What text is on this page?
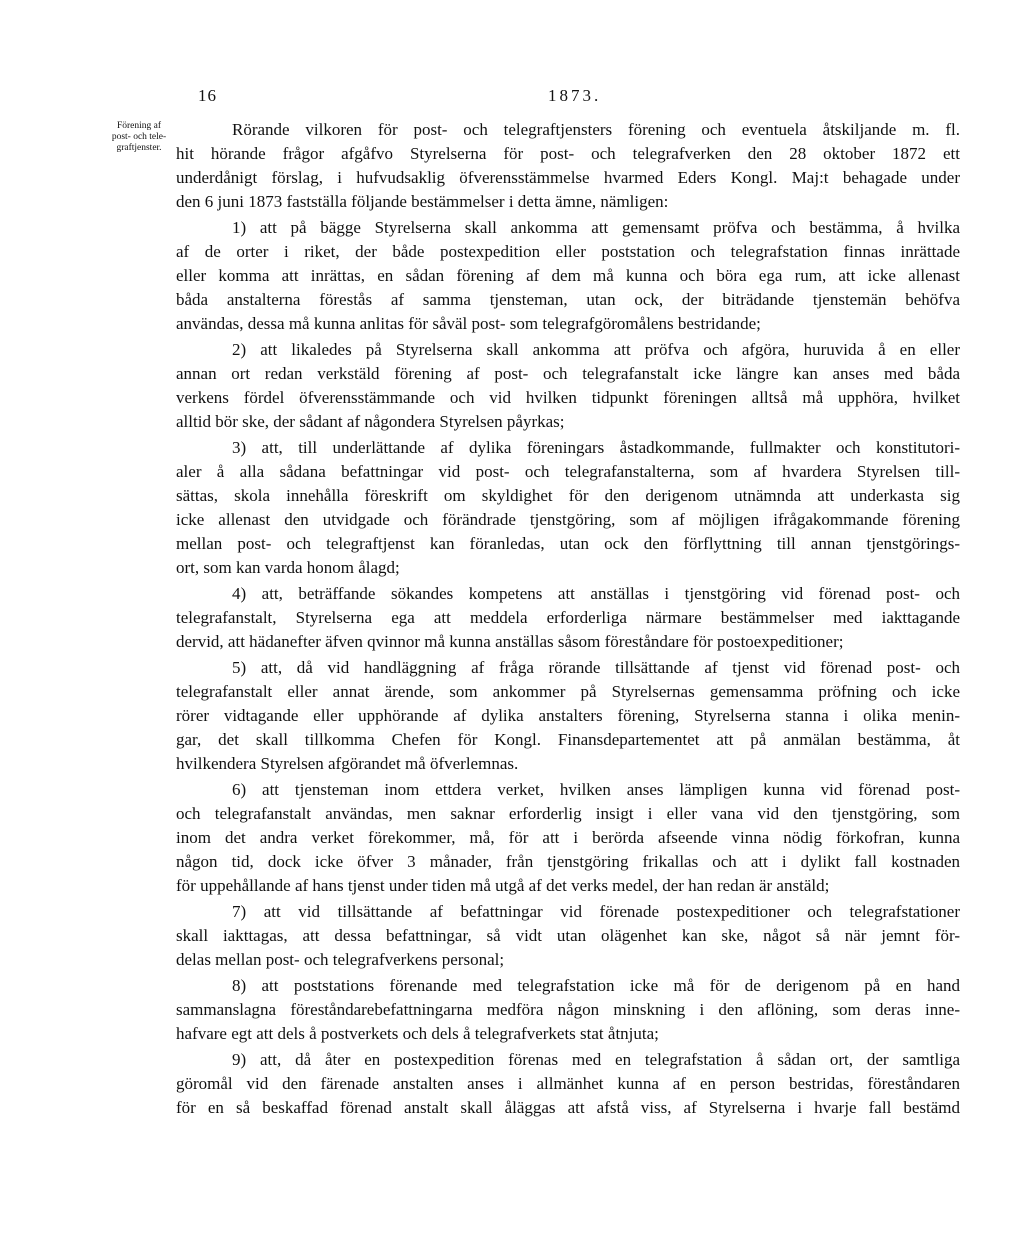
16	1873.
Förening af
post- och tele-
graftjenster.
Rörande vilkoren för post- och telegraftjensters förening och eventuela åtskiljande m. fl.
hit hörande frågor afgåfvo Styrelserna för post- och telegrafverken den 28 oktober 1872 ett
underdånigt förslag, i hufvudsaklig öfverensstämmelse hvarmed Eders Kongl. Maj:t behagade under
den 6 juni 1873 fastställa följande bestämmelser i detta ämne, nämligen:
1) att på bägge Styrelserna skall ankomma att gemensamt pröfva och bestämma, å hvilka
af de orter i riket, der både postexpedition eller poststation och telegrafstation finnas inrättade
eller komma att inrättas, en sådan förening af dem må kunna och böra ega rum, att icke allenast
båda anstalterna förestås af samma tjensteman, utan ock, der biträdande tjenstemän behöfva
användas, dessa må kunna anlitas för såväl post- som telegrafgöromålens bestridande;
2) att likaledes på Styrelserna skall ankomma att pröfva och afgöra, huruvida å en eller
annan ort redan verkstäld förening af post- och telegrafanstalt icke längre kan anses med båda
verkens fördel öfverensstämmande och vid hvilken tidpunkt föreningen alltså må upphöra, hvilket
alltid bör ske, der sådant af någondera Styrelsen påyrkas;
3) att, till underlättande af dylika föreningars åstadkommande, fullmakter och konstitutori-
aler å alla sådana befattningar vid post- och telegrafanstalterna, som af hvardera Styrelsen till-
sättas, skola innehålla föreskrift om skyldighet för den derigenom utnämnda att underkasta sig
icke allenast den utvidgade och förändrade tjenstgöring, som af möjligen ifrågakommande förening
mellan post- och telegraftjenst kan föranledas, utan ock den förflyttning till annan tjenstgörings-
ort, som kan varda honom ålagd;
4) att, beträffande sökandes kompetens att anställas i tjenstgöring vid förenad post- och
telegrafanstalt, Styrelserna ega att meddela erforderliga närmare bestämmelser med iakttagande
dervid, att hädanefter äfven qvinnor må kunna anställas såsom föreståndare för postoexpeditioner;
5) att, då vid handläggning af fråga rörande tillsättande af tjenst vid förenad post- och
telegrafanstalt eller annat ärende, som ankommer på Styrelsernas gemensamma pröfning och icke
rörer vidtagande eller upphörande af dylika anstalters förening, Styrelserna stanna i olika menin-
gar, det skall tillkomma Chefen för Kongl. Finansdepartementet att på anmälan bestämma, åt
hvilkendera Styrelsen afgörandet må öfverlemnas.
6) att tjensteman inom ettdera verket, hvilken anses lämpligen kunna vid förenad post-
och telegrafanstalt användas, men saknar erforderlig insigt i eller vana vid den tjenstgöring, som
inom det andra verket förekommer, må, för att i berörda afseende vinna nödig förkofran, kunna
någon tid, dock icke öfver 3 månader, från tjenstgöring frikallas och att i dylikt fall kostnaden
för uppehållande af hans tjenst under tiden må utgå af det verks medel, der han redan är anstäld;
7) att vid tillsättande af befattningar vid förenade postexpeditioner och telegrafstationer
skall iakttagas, att dessa befattningar, så vidt utan olägenhet kan ske, något så när jemnt för-
delas mellan post- och telegrafverkens personal;
8) att poststations förenande med telegrafstation icke må för de derigenom på en hand
sammanslagna föreståndarebefattningarna medföra någon minskning i den aflöning, som deras inne-
hafvare egt att dels å postverkets och dels å telegrafverkets stat åtnjuta;
9) att, då åter en postexpedition förenas med en telegrafstation å sådan ort, der samtliga
göromål vid den färenade anstalten anses i allmänhet kunna af en person bestridas, föreståndaren
för en så beskaffad förenad anstalt skall åläggas att afstå viss, af Styrelserna i hvarje fall bestämd
